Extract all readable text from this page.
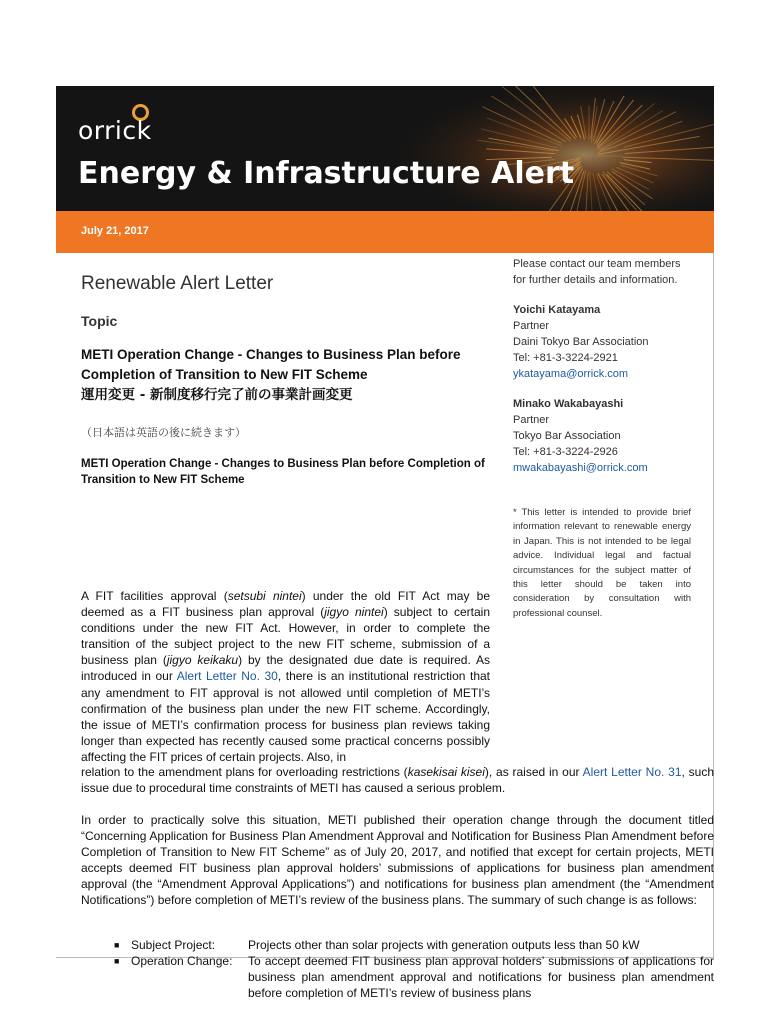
orrick
Energy & Infrastructure Alert
July 21, 2017
Renewable Alert Letter
Topic
METI Operation Change - Changes to Business Plan before Completion of Transition to New FIT Scheme
運用変更 - 新制度移行完了前の事業計画変更
（日本語は英語の後に続きます）
METI Operation Change - Changes to Business Plan before Completion of Transition to New FIT Scheme
A FIT facilities approval (setsubi nintei) under the old FIT Act may be deemed as a FIT business plan approval (jigyo nintei) subject to certain conditions under the new FIT Act. However, in order to complete the transition of the subject project to the new FIT scheme, submission of a business plan (jigyo keikaku) by the designated due date is required. As introduced in our Alert Letter No. 30, there is an institutional restriction that any amendment to FIT approval is not allowed until completion of METI’s confirmation of the business plan under the new FIT scheme. Accordingly, the issue of METI’s confirmation process for business plan reviews taking longer than expected has recently caused some practical concerns possibly affecting the FIT prices of certain projects. Also, in
relation to the amendment plans for overloading restrictions (kasekisai kisei), as raised in our Alert Letter No. 31, such issue due to procedural time constraints of METI has caused a serious problem.
In order to practically solve this situation, METI published their operation change through the document titled “Concerning Application for Business Plan Amendment Approval and Notification for Business Plan Amendment before Completion of Transition to New FIT Scheme” as of July 20, 2017, and notified that except for certain projects, METI accepts deemed FIT business plan approval holders’ submissions of applications for business plan amendment approval (the “Amendment Approval Applications”) and notifications for business plan amendment (the “Amendment Notifications”) before completion of METI’s review of the business plans. The summary of such change is as follows:
■ Subject Project:	Projects other than solar projects with generation outputs less than 50 kW
■ Operation Change:	To accept deemed FIT business plan approval holders’ submissions of applications for business plan amendment approval and notifications for business plan amendment before completion of METI’s review of business plans
Please contact our team members for further details and information.
Yoichi Katayama
Partner
Daini Tokyo Bar Association
Tel: +81-3-3224-2921
ykatayama@orrick.com
Minako Wakabayashi
Partner
Tokyo Bar Association
Tel: +81-3-3224-2926
mwakabayashi@orrick.com
* This letter is intended to provide brief information relevant to renewable energy in Japan. This is not intended to be legal advice. Individual legal and factual circumstances for the subject matter of this letter should be taken into consideration by consultation with professional counsel.
